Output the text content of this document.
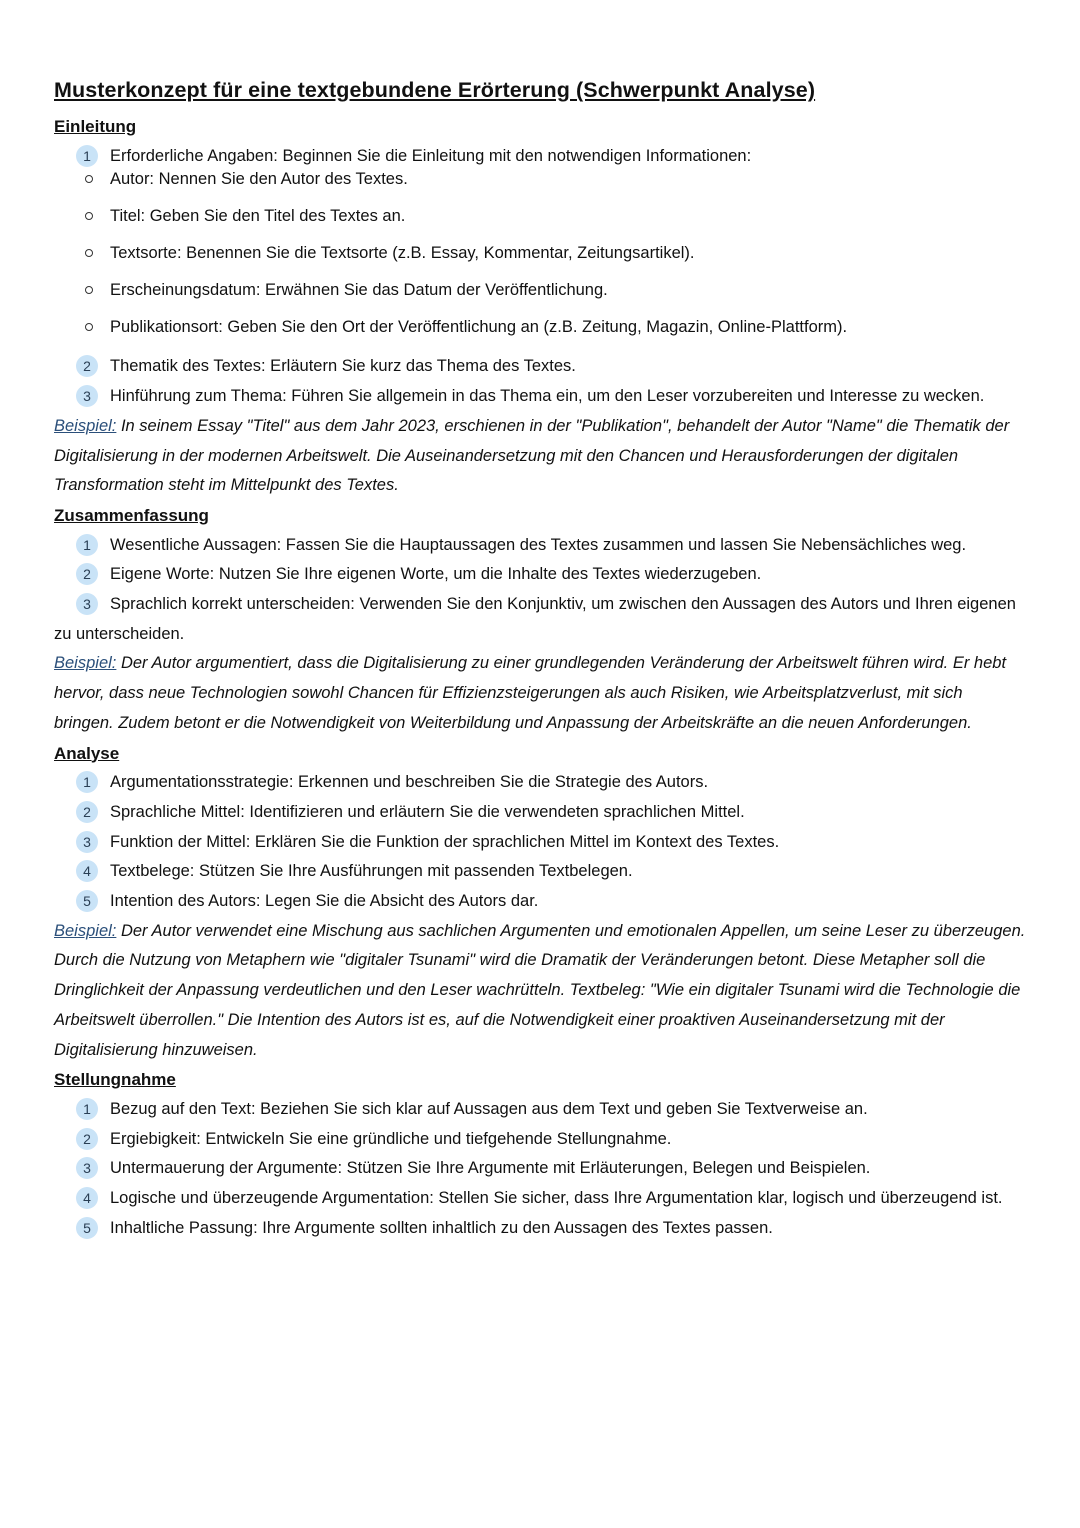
Musterkonzept für eine textgebundene Erörterung (Schwerpunkt Analyse)
Einleitung

1	Erforderliche Angaben: Beginnen Sie die Einleitung mit den notwendigen Informationen:

Autor: Nennen Sie den Autor des Textes.
Titel: Geben Sie den Titel des Textes an.
Textsorte: Benennen Sie die Textsorte (z.B. Essay, Kommentar, Zeitungsartikel).
Erscheinungsdatum: Erwähnen Sie das Datum der Veröffentlichung.
Publikationsort: Geben Sie den Ort der Veröffentlichung an (z.B. Zeitung, Magazin, Online-Plattform).

2	Thematik des Textes: Erläutern Sie kurz das Thema des Textes.

3	Hinführung zum Thema: Führen Sie allgemein in das Thema ein, um den Leser vorzubereiten und Interesse zu wecken.

Beispiel: In seinem Essay "Titel" aus dem Jahr 2023, erschienen in der "Publikation", behandelt der Autor "Name" die Thematik der Digitalisierung in der modernen Arbeitswelt. Die Auseinandersetzung mit den Chancen und Herausforderungen der digitalen Transformation steht im Mittelpunkt des Textes.

Zusammenfassung

1	Wesentliche Aussagen: Fassen Sie die Hauptaussagen des Textes zusammen und lassen Sie Nebensächliches weg.

2	Eigene Worte: Nutzen Sie Ihre eigenen Worte, um die Inhalte des Textes wiederzugeben.

3	Sprachlich korrekt unterscheiden: Verwenden Sie den Konjunktiv, um zwischen den Aussagen des Autors und Ihren eigenen zu unterscheiden.

Beispiel: Der Autor argumentiert, dass die Digitalisierung zu einer grundlegenden Veränderung der Arbeitswelt führen wird. Er hebt hervor, dass neue Technologien sowohl Chancen für Effizienzsteigerungen als auch Risiken, wie Arbeitsplatzverlust, mit sich bringen. Zudem betont er die Notwendigkeit von Weiterbildung und Anpassung der Arbeitskräfte an die neuen Anforderungen.

Analyse

1	Argumentationsstrategie: Erkennen und beschreiben Sie die Strategie des Autors.

2	Sprachliche Mittel: Identifizieren und erläutern Sie die verwendeten sprachlichen Mittel.

3	Funktion der Mittel: Erklären Sie die Funktion der sprachlichen Mittel im Kontext des Textes.

4	Textbelege: Stützen Sie Ihre Ausführungen mit passenden Textbelegen.

5	Intention des Autors: Legen Sie die Absicht des Autors dar.

Beispiel: Der Autor verwendet eine Mischung aus sachlichen Argumenten und emotionalen Appellen, um seine Leser zu überzeugen. Durch die Nutzung von Metaphern wie "digitaler Tsunami" wird die Dramatik der Veränderungen betont. Diese Metapher soll die Dringlichkeit der Anpassung verdeutlichen und den Leser wachrütteln. Textbeleg: "Wie ein digitaler Tsunami wird die Technologie die Arbeitswelt überrollen." Die Intention des Autors ist es, auf die Notwendigkeit einer proaktiven Auseinandersetzung mit der Digitalisierung hinzuweisen.

Stellungnahme

1	Bezug auf den Text: Beziehen Sie sich klar auf Aussagen aus dem Text und geben Sie Textverweise an.

2	Ergiebigkeit: Entwickeln Sie eine gründliche und tiefgehende Stellungnahme.

3	Untermauerung der Argumente: Stützen Sie Ihre Argumente mit Erläuterungen, Belegen und Beispielen.

4	Logische und überzeugende Argumentation: Stellen Sie sicher, dass Ihre Argumentation klar, logisch und überzeugend ist.

5	Inhaltliche Passung: Ihre Argumente sollten inhaltlich zu den Aussagen des Textes passen.
